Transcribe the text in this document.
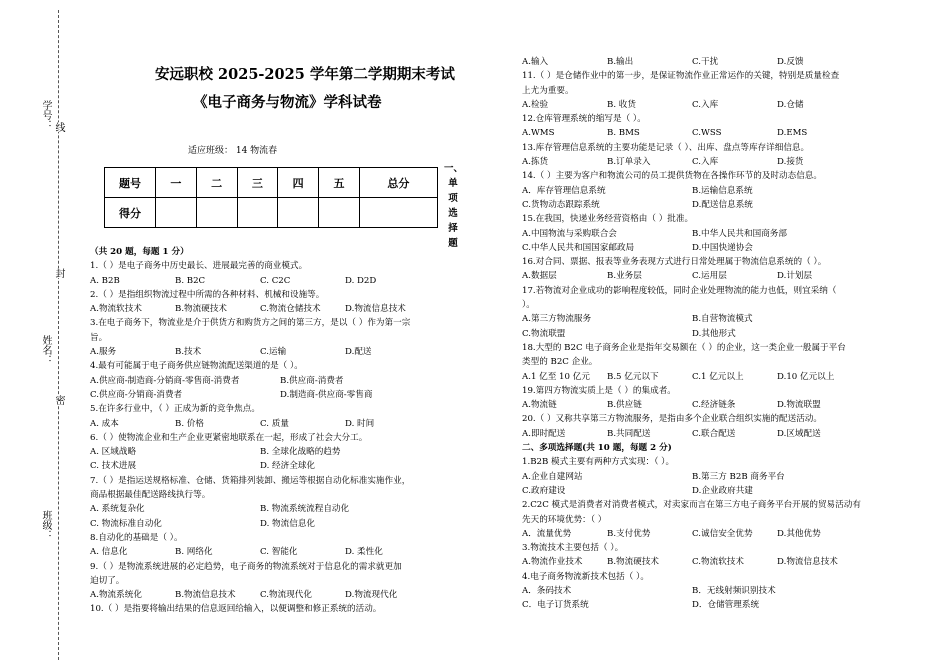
学号： 线
封
姓名：
密
班级：
安远职校 2025-2025 学年第二学期期末考试
《电子商务与物流》学科试卷
适应班级： 14 物流春
题号	一	二	三	四	五	总分
得分						
一、
单
项
选
择
题
（共 20 题，每题 1 分）
1.（ ）是电子商务中历史最长、进展最完善的商业模式。
A. B2B	B. B2C	C. C2C	D. D2D
2.（ ）是指组织物流过程中所需的各种材料、机械和设施等。
A.物流软技术	B.物流硬技术	C.物流仓储技术	D.物流信息技术
3.在电子商务下，物流业是介于供货方和购货方之间的第三方，是以（ ）作为第一宗
旨。
A.服务	B.技术	C.运输	D.配送
4.最有可能属于电子商务供应链物流配送渠道的是（ ）。
A.供应商-制造商-分销商-零售商-消费者	B.供应商-消费者
C.供应商-分销商-消费者	D.制造商-供应商-零售商
5.在许多行业中，（ ）正成为新的竞争焦点。
A. 成本	B. 价格	C. 质量	D. 时间
6.（ ）使物流企业和生产企业更紧密地联系在一起，形成了社会大分工。
A. 区域战略	B. 全球化战略的趋势
C. 技术进展	D. 经济全球化
7.（ ）是指运送规格标准、仓储、货箱排列装卸、搬运等根据自动化标准实施作业，
商品根据最佳配送路线执行等。
A. 系统复杂化	B. 物流系统流程自动化
C. 物流标准自动化	D. 物流信息化
8.自动化的基础是（ ）。
A. 信息化	B. 网络化	C. 智能化	D. 柔性化
9.（ ）是物流系统进展的必定趋势，电子商务的物流系统对于信息化的需求就更加
迫切了。
A.物流系统化	B.物流信息技术	C.物流现代化	D.物流现代化
10.（ ）是指要将输出结果的信息返回给输入，以便调整和修正系统的活动。
A.输入	B.输出	C.干扰	D.反馈
11.（ ）是仓储作业中的第一步，是保证物流作业正常运作的关键，特别是质量检查
上尤为重要。
A.检验	B. 收货	C.入库	D.仓储
12.仓库管理系统的缩写是（ ）。
A.WMS	B. BMS	C.WSS	D.EMS
13.库存管理信息系统的主要功能是记录（ ）、出库、盘点等库存详细信息。
A.拣货	B.订单录入	C.入库	D.接货
14.（ ）主要为客户和物流公司的员工提供货物在各操作环节的及时动态信息。
A．库存管理信息系统	B.运输信息系统
C.货物动态跟踪系统	D.配送信息系统
15.在我国，快递业务经营资格由（ ）批准。
A.中国物流与采购联合会	B.中华人民共和国商务部
C.中华人民共和国国家邮政局	D.中国快递协会
16.对合同、票据、报表等业务表现方式进行日常处理属于物流信息系统的（ ）。
A.数据层	B.业务层	C.运用层	D.计划层
17.若物流对企业成功的影响程度较低，同时企业处理物流的能力也低，则宜采纳（
）。
A.第三方物流服务	B.自营物流模式
C.物流联盟	D.其他形式
18.大型的 B2C 电子商务企业是指年交易额在（ ）的企业，这一类企业一般属于平台
类型的 B2C 企业。
A.1 亿至 10 亿元 B.5 亿元以下	C.1 亿元以上	D.10 亿元以上
19.第四方物流实质上是（ ）的集成者。
A.物流链	B.供应链	C.经济链条	D.物流联盟
20.（ ）又称共享第三方物流服务，是指由多个企业联合组织实施的配送活动。
A.即时配送	B.共同配送	C.联合配送	D.区域配送
二、多项选择题(共 10 题，每题 2 分)
1.B2B 模式主要有两种方式实现：（ ）。
A.企业自建网站	B.第三方 B2B 商务平台
C.政府建设	D.企业政府共建
2.C2C 模式是消费者对消费者模式，对卖家而言在第三方电子商务平台开展的贸易活动有
先天的环境优势：（ ）
A．流量优势	B.支付优势	C.诚信安全优势	D.其他优势
3.物流技术主要包括（ ）。
A.物流作业技术	B.物流硬技术	C.物流软技术	D.物流信息技术
4.电子商务物流新技术包括（ ）。
A．条码技术	B．无线射频识别技术
C．电子订货系统	D．仓储管理系统
